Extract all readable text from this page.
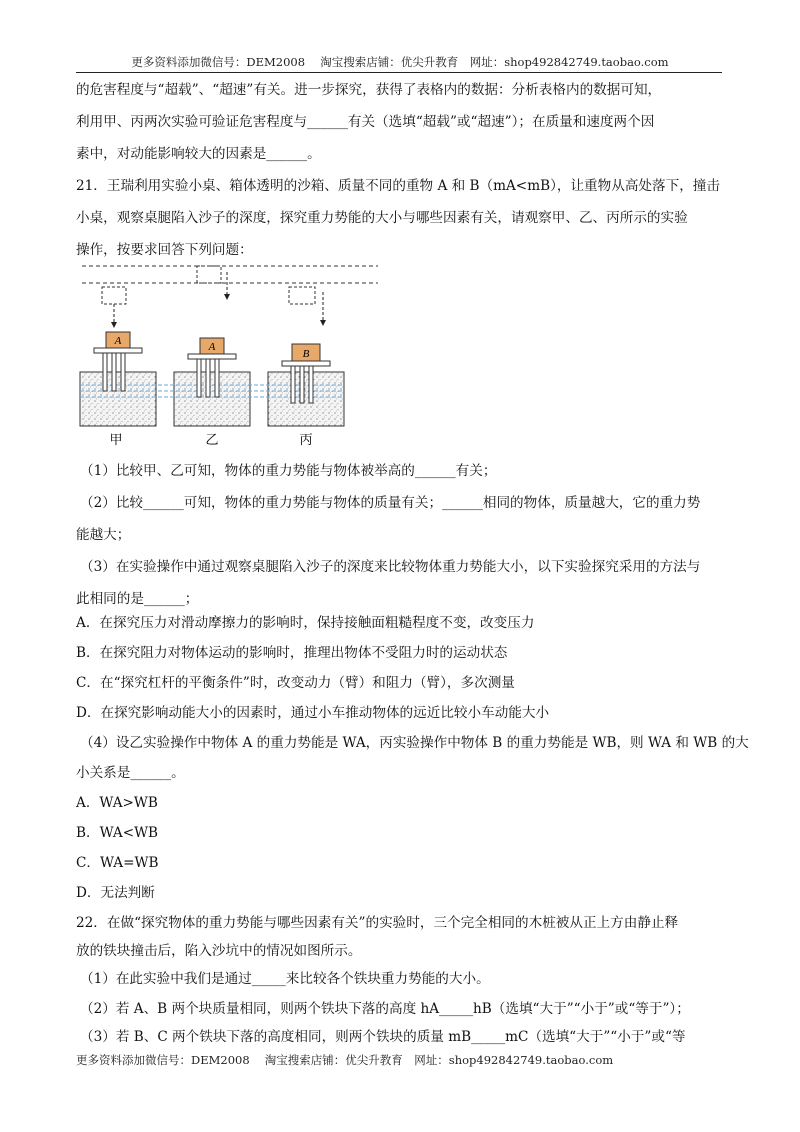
更多资料添加微信号：DEM2008　 淘宝搜索店铺：优尖升教育　网址：shop492842749.taobao.com
的危害程度与“超载”、“超速”有关。进一步探究，获得了表格内的数据：分析表格内的数据可知，
利用甲、丙两次实验可验证危害程度与______有关（选填“超载”或“超速”）；在质量和速度两个因
素中，对动能影响较大的因素是______。
21．王瑞利用实验小桌、箱体透明的沙箱、质量不同的重物 A 和 B（mA<mB），让重物从高处落下，撞击
小桌，观察桌腿陷入沙子的深度，探究重力势能的大小与哪些因素有关，请观察甲、乙、丙所示的实验
操作，按要求回答下列问题：
A	A
B
甲	乙	丙
（1）比较甲、乙可知，物体的重力势能与物体被举高的______有关；
（2）比较______可知，物体的重力势能与物体的质量有关；______相同的物体，质量越大，它的重力势
能越大；
（3）在实验操作中通过观察桌腿陷入沙子的深度来比较物体重力势能大小，以下实验探究采用的方法与
此相同的是______；
A．在探究压力对滑动摩擦力的影响时，保持接触面粗糙程度不变，改变压力
B．在探究阻力对物体运动的影响时，推理出物体不受阻力时的运动状态
C．在“探究杠杆的平衡条件”时，改变动力（臂）和阻力（臂），多次测量
D．在探究影响动能大小的因素时，通过小车推动物体的远近比较小车动能大小
（4）设乙实验操作中物体 A 的重力势能是 WA，丙实验操作中物体 B 的重力势能是 WB，则 WA 和 WB 的大
小关系是______。
A．WA>WB
B．WA<WB
C．WA=WB
D．无法判断
22．在做“探究物体的重力势能与哪些因素有关”的实验时，三个完全相同的木桩被从正上方由静止释
放的铁块撞击后，陷入沙坑中的情况如图所示。
（1）在此实验中我们是通过_____来比较各个铁块重力势能的大小。
（2）若 A、B 两个块质量相同，则两个铁块下落的高度 hA_____hB（选填“大于”“小于”或“等于”）；
（3）若 B、C 两个铁块下落的高度相同，则两个铁块的质量 mB_____mC（选填“大于”“小于”或“等
更多资料添加微信号：DEM2008　 淘宝搜索店铺：优尖升教育　网址：shop492842749.taobao.com
